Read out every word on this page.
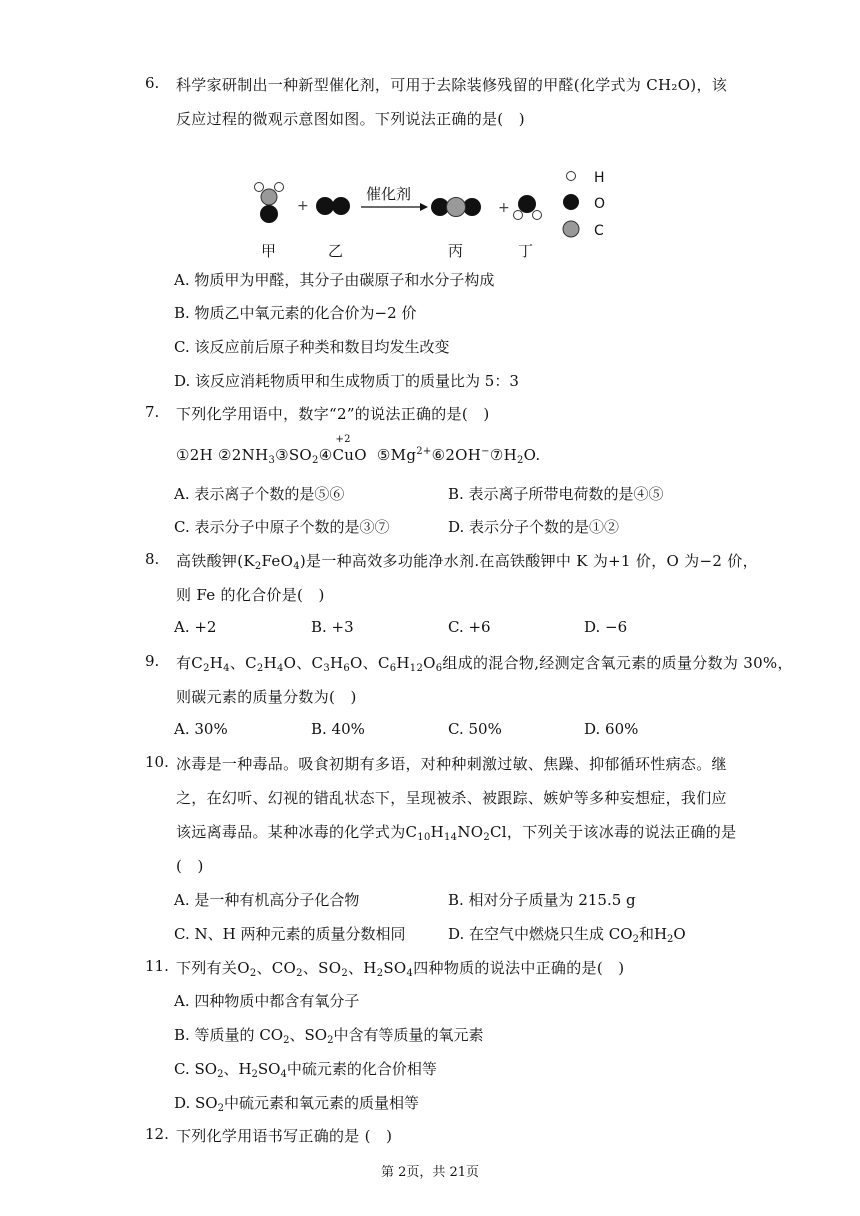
6. 科学家研制出一种新型催化剂，可用于去除装修残留的甲醛(化学式为 CH₂O)，该
反应过程的微观示意图如图。下列说法正确的是(　)
+
催化剂
+
H
O
C
甲	乙	丙	丁
A. 物质甲为甲醛，其分子由碳原子和水分子构成
B. 物质乙中氧元素的化合价为−2 价
C. 该反应前后原子种类和数目均发生改变
D. 该反应消耗物质甲和生成物质丁的质量比为 5：3
7. 下列化学用语中，数字“2”的说法正确的是(　)
①2H $②2NH_3③SO_2④$
+2
CuO  $⑤Mg^{2+}⑥2OH^-⑦H_2O$.
A. 表示离子个数的是⑤⑥	B. 表示离子所带电荷数的是④⑤
C. 表示分子中原子个数的是③⑦	D. 表示分子个数的是①②
8. 高铁酸钾$(K_2FeO_4)$是一种高效多功能净水剂.在高铁酸钾中 K 为+1 价，O 为−2 价，
则 Fe 的化合价是(　)
A. +2	B. +3	C. +6	D. −6
9. 有$C_2H_4$、$C_2H_4O$、$C_3H_6O$、$C_6H_{12}O_6$组成的混合物,经测定含氧元素的质量分数为 30%，
则碳元素的质量分数为(　)
A. 30%	B. 40%	C. 50%	D. 60%
10. 冰毒是一种毒品。吸食初期有多语，对种种刺激过敏、焦躁、抑郁循环性病态。继
之，在幻听、幻视的错乱状态下，呈现被杀、被跟踪、嫉妒等多种妄想症，我们应
该远离毒品。某种冰毒的化学式为$C_{10}H_{14}NO_2Cl$，下列关于该冰毒的说法正确的是
(　)
A. 是一种有机高分子化合物	B. 相对分子质量为 215.5 g
C. N、H 两种元素的质量分数相同	D. 在空气中燃烧只生成 $CO_2$和$H_2O$
11. 下列有关$O_2$、$CO_2$、$SO_2$、$H_2SO_4$四种物质的说法中正确的是(　)
A. 四种物质中都含有氧分子
B. 等质量的 $CO_2$、$SO_2$中含有等质量的氧元素
C. $SO_2$、$H_2SO_4$中硫元素的化合价相等
D. $SO_2$中硫元素和氧元素的质量相等
12. 下列化学用语书写正确的是 (　)
第 2页，共 21页
